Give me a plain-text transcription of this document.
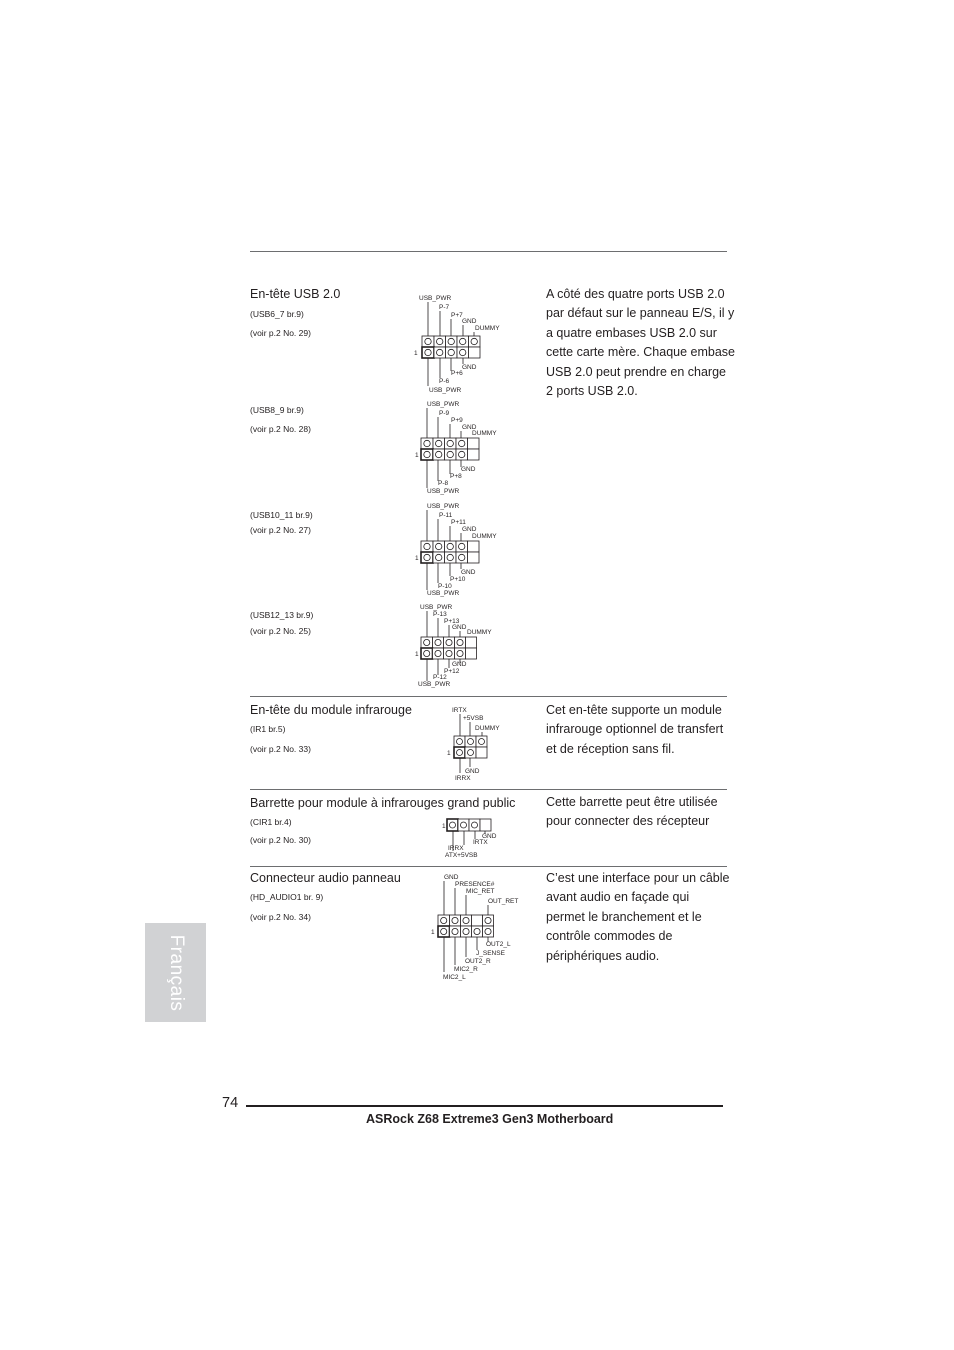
En-tête USB 2.0	A côté des quatre ports USB 2.0 par défaut sur le panneau E/S, il y a quatre embases USB 2.0 sur cette carte mère. Chaque embase USB 2.0 peut prendre en charge 2 ports USB 2.0.
(USB6_7 br.9)
(voir p.2 No. 29)
(USB8_9 br.9)
(voir p.2 No. 28)
(USB10_11 br.9)
(voir p.2 No. 27)
(USB12_13 br.9)
(voir p.2 No. 25)
USB_PWR
P-7
P+7
GND
DUMMY
1
GND
P+6
P-6
USB_PWR
USB_PWR
P-9
P+9
GND
DUMMY
1
GND
P+8
P-8
USB_PWR
USB_PWR
P-11
P+11
GND
DUMMY
1
GND
P+10
P-10
USB_PWR
USB_PWR
P-13
P+13
GND
DUMMY
1
GND
P+12
P-12
USB_PWR
En-tête du module infrarouge
(IR1 br.5)
(voir p.2 No. 33)
Cet en-tête supporte un module infrarouge optionnel de transfert et de réception sans fil.
IRTX
+5VSB
DUMMY
1
GND
IRRX
Barrette pour module à infrarouges grand public
(CIR1 br.4)
(voir p.2 No. 30)
Cette barrette peut être utilisée pour connecter des récepteur
1
GND
IRTX
IRRX
ATX+5VSB
Connecteur audio panneau
(HD_AUDIO1 br. 9)
(voir p.2 No. 34)
C’est une interface pour un câble avant audio en façade qui permet le branchement et le contrôle commodes de périphériques audio.
GND
PRESENCE#
MIC_RET
OUT_RET
1
OUT2_L
J_SENSE
OUT2_R
MIC2_R
MIC2_L
Français
74
ASRock Z68 Extreme3 Gen3 Motherboard
